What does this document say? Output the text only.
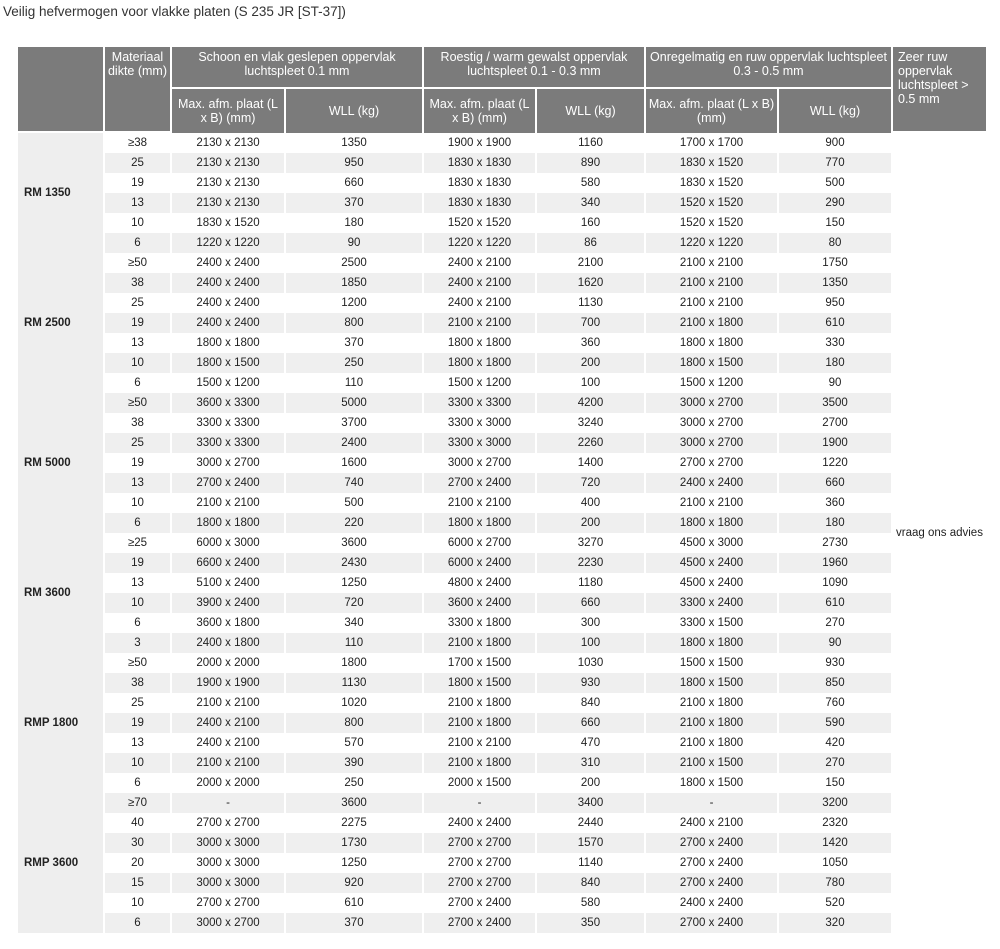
Veilig hefvermogen voor vlakke platen (S 235 JR [ST-37])
	Materiaal dikte (mm)	Schoon en vlak geslepen oppervlak luchtspleet 0.1 mm		Roestig / warm gewalst oppervlak luchtspleet 0.1 - 0.3 mm		Onregelmatig en ruw oppervlak luchtspleet 0.3 - 0.5 mm		Zeer ruw oppervlak luchtspleet > 0.5 mm
		Max. afm. plaat (L x B) (mm)	WLL (kg)	Max. afm. plaat (L x B) (mm)	WLL (kg)	Max. afm. plaat (L x B) (mm)	WLL (kg)	
RM 1350	≥38	2130 x 2130	1350	1900 x 1900	1160	1700 x 1700	900	vraag ons advies
	25	2130 x 2130	950	1830 x 1830	890	1830 x 1520	770	
	19	2130 x 2130	660	1830 x 1830	580	1830 x 1520	500	
	13	2130 x 2130	370	1830 x 1830	340	1520 x 1520	290	
	10	1830 x 1520	180	1520 x 1520	160	1520 x 1520	150	
	6	1220 x 1220	90	1220 x 1220	86	1220 x 1220	80	
RM 2500	≥50	2400 x 2400	2500	2400 x 2100	2100	2100 x 2100	1750	
	38	2400 x 2400	1850	2400 x 2100	1620	2100 x 2100	1350	
	25	2400 x 2400	1200	2400 x 2100	1130	2100 x 2100	950	
	19	2400 x 2400	800	2100 x 2100	700	2100 x 1800	610	
	13	1800 x 1800	370	1800 x 1800	360	1800 x 1800	330	
	10	1800 x 1500	250	1800 x 1800	200	1800 x 1500	180	
	6	1500 x 1200	110	1500 x 1200	100	1500 x 1200	90	
RM 5000	≥50	3600 x 3300	5000	3300 x 3300	4200	3000 x 2700	3500	
	38	3300 x 3300	3700	3300 x 3000	3240	3000 x 2700	2700	
	25	3300 x 3300	2400	3300 x 3000	2260	3000 x 2700	1900	
	19	3000 x 2700	1600	3000 x 2700	1400	2700 x 2700	1220	
	13	2700 x 2400	740	2700 x 2400	720	2400 x 2400	660	
	10	2100 x 2100	500	2100 x 2100	400	2100 x 2100	360	
	6	1800 x 1800	220	1800 x 1800	200	1800 x 1800	180	
RM 3600	≥25	6000 x 3000	3600	6000 x 2700	3270	4500 x 3000	2730	
	19	6600 x 2400	2430	6000 x 2400	2230	4500 x 2400	1960	
	13	5100 x 2400	1250	4800 x 2400	1180	4500 x 2400	1090	
	10	3900 x 2400	720	3600 x 2400	660	3300 x 2400	610	
	6	3600 x 1800	340	3300 x 1800	300	3300 x 1500	270	
	3	2400 x 1800	110	2100 x 1800	100	1800 x 1800	90	
RMP 1800	≥50	2000 x 2000	1800	1700 x 1500	1030	1500 x 1500	930	
	38	1900 x 1900	1130	1800 x 1500	930	1800 x 1500	850	
	25	2100 x 2100	1020	2100 x 1800	840	2100 x 1800	760	
	19	2400 x 2100	800	2100 x 1800	660	2100 x 1800	590	
	13	2400 x 2100	570	2100 x 2100	470	2100 x 1800	420	
	10	2100 x 2100	390	2100 x 1800	310	2100 x 1500	270	
	6	2000 x 2000	250	2000 x 1500	200	1800 x 1500	150	
RMP 3600	≥70	-	3600	-	3400	-	3200	
	40	2700 x 2700	2275	2400 x 2400	2440	2400 x 2100	2320	
	30	3000 x 3000	1730	2700 x 2700	1570	2700 x 2400	1420	
	20	3000 x 3000	1250	2700 x 2700	1140	2700 x 2400	1050	
	15	3000 x 3000	920	2700 x 2700	840	2700 x 2400	780	
	10	2700 x 2700	610	2700 x 2400	580	2400 x 2400	520	
	6	3000 x 2700	370	2700 x 2400	350	2700 x 2400	320	
